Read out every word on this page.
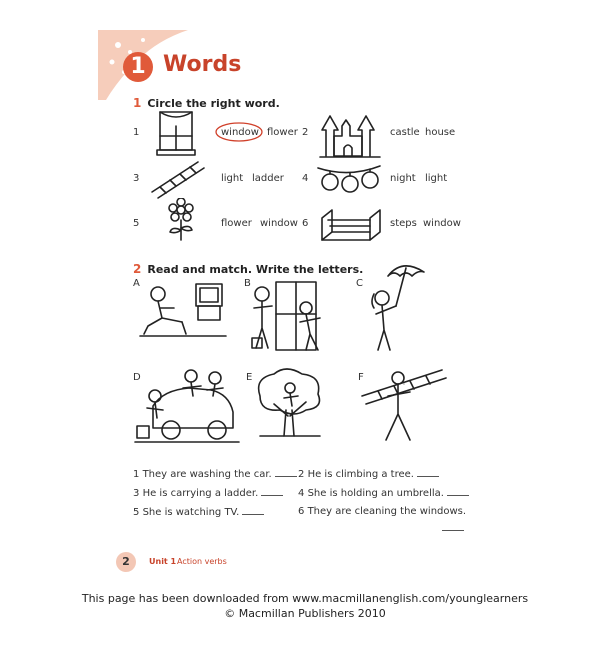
1 Words
1 Circle the right word.
1	window flower 2	castle house
3	light ladder 4	night light
5	flower window 6	steps window
2 Read and match. Write the letters.
A	B	C
D	E	F
1 They are washing the car.	2 He is climbing a tree.
3 He is carrying a ladder.	4 She is holding an umbrella.
5 She is watching TV.	6 They are cleaning the windows.
2	Unit 1 Action verbs
This page has been downloaded from www.macmillanenglish.com/younglearners
© Macmillan Publishers 2010
